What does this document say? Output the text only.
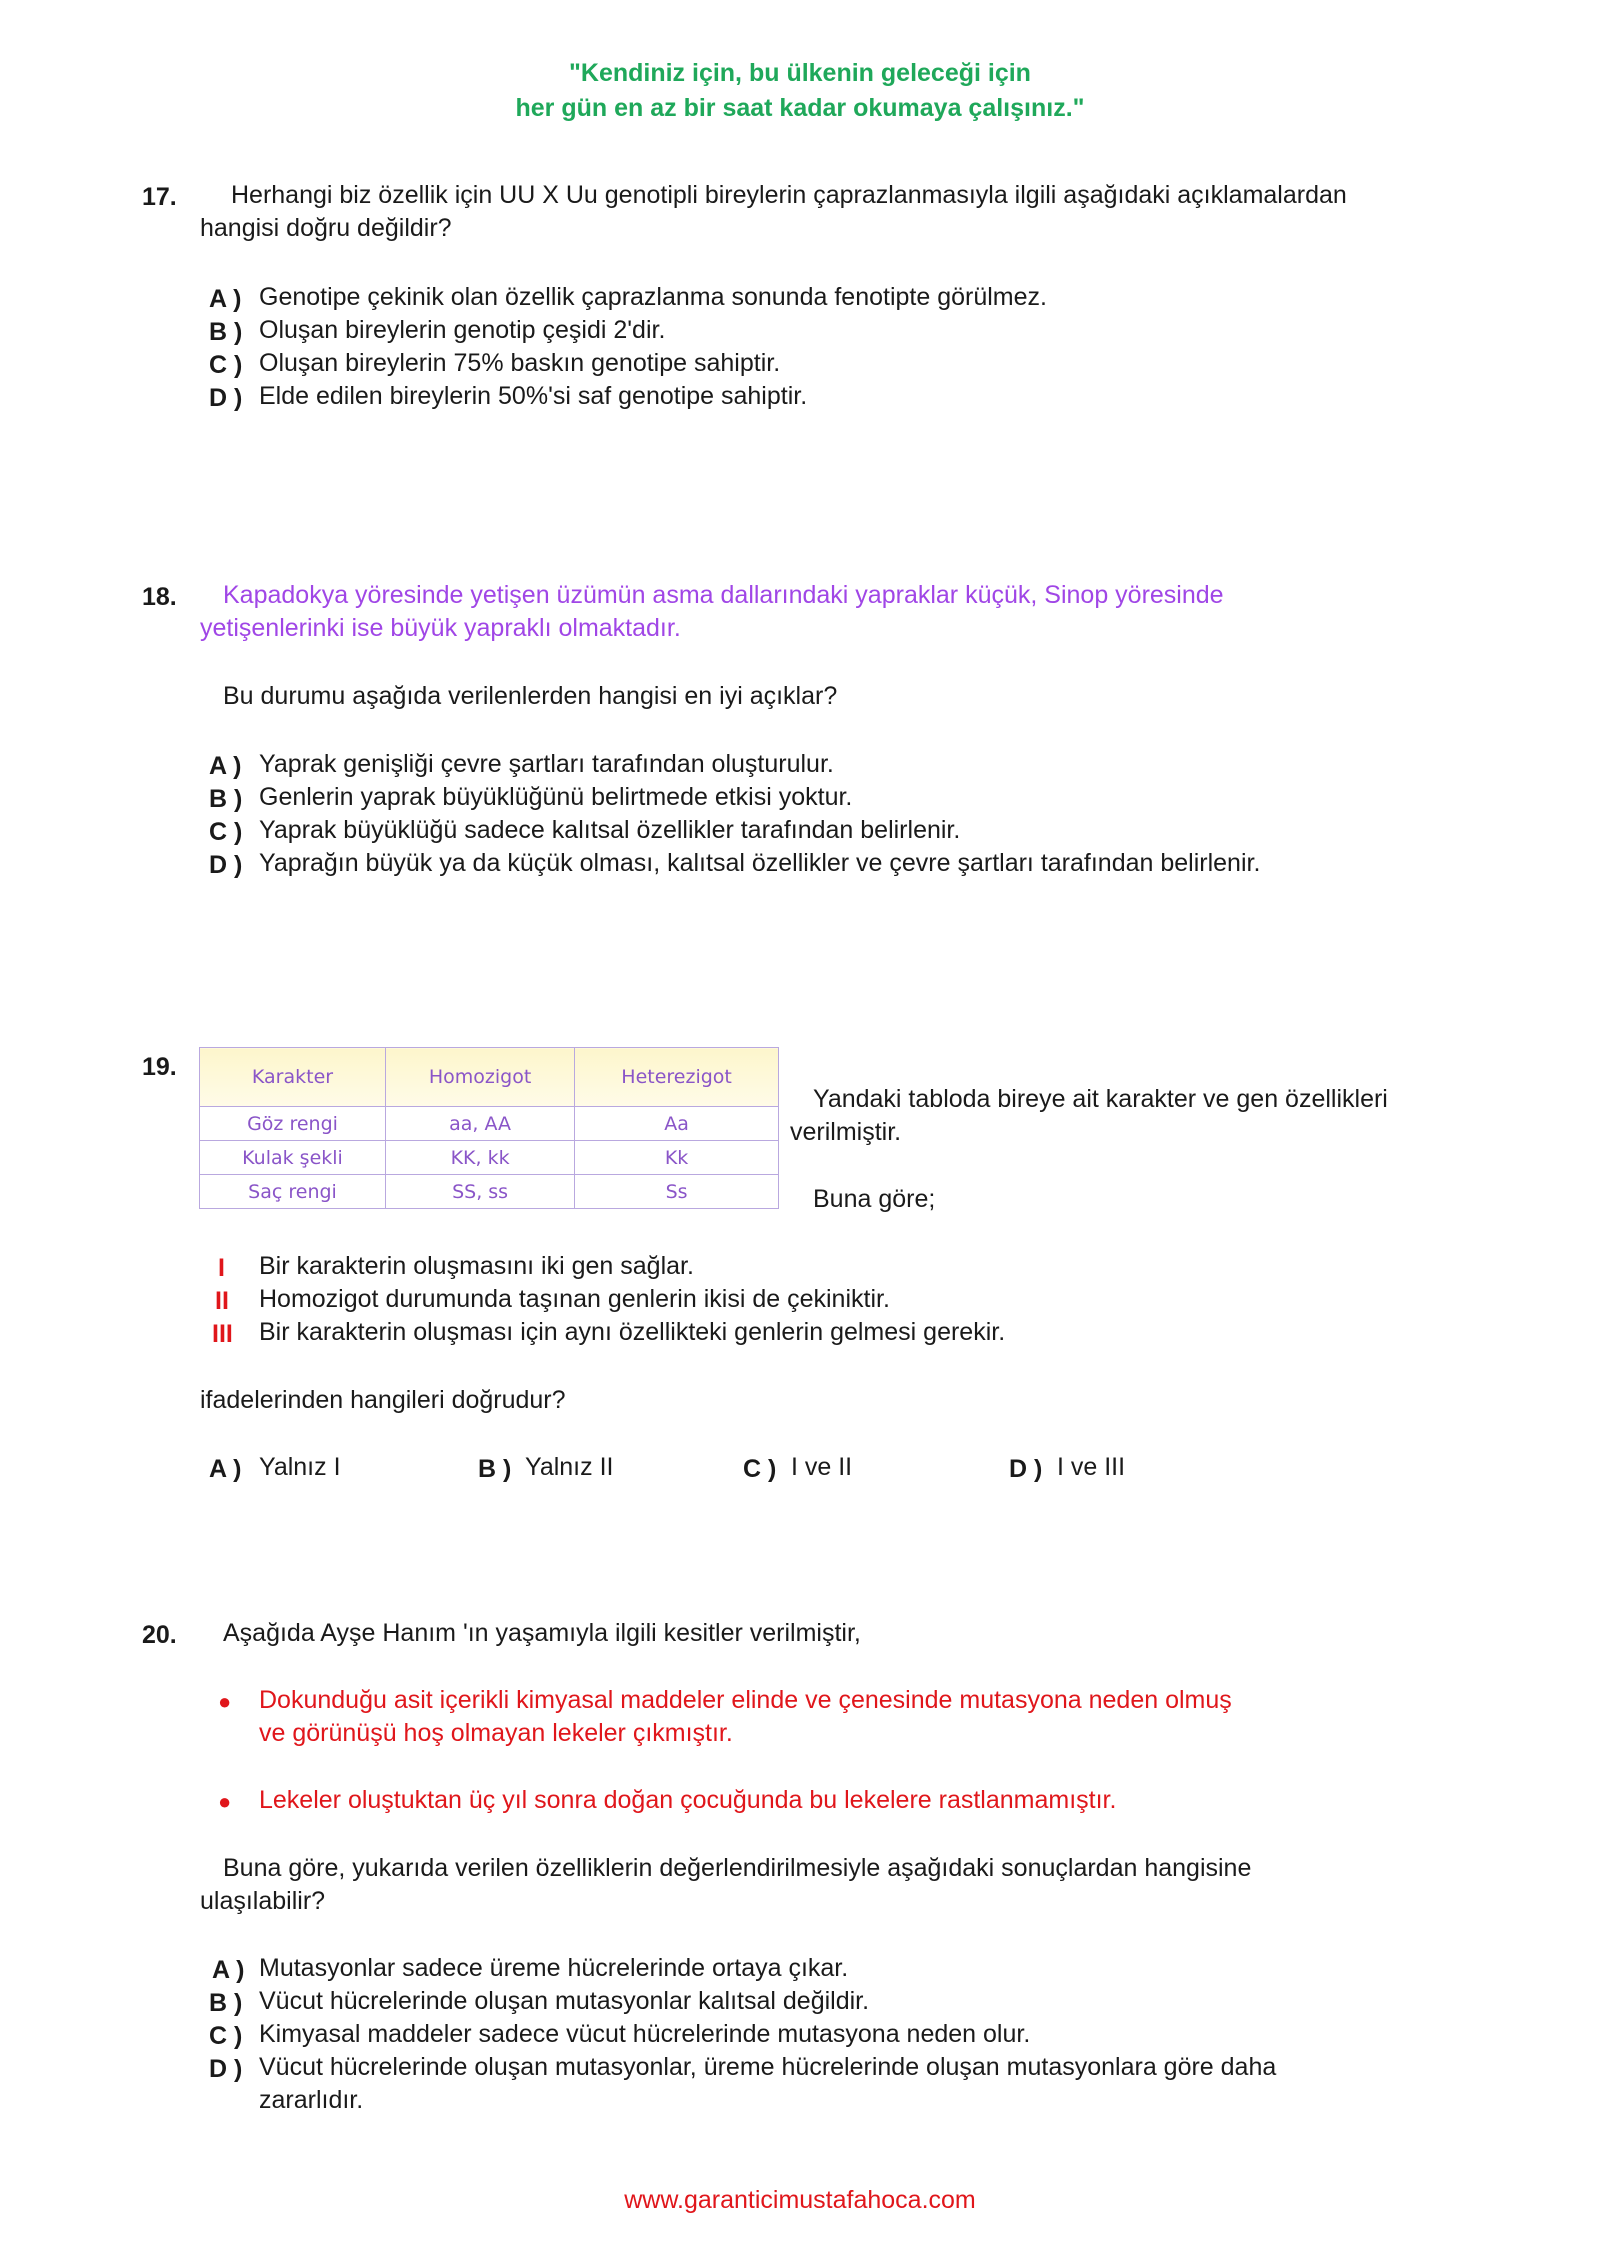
"Kendiniz için, bu ülkenin geleceği için
her gün en az bir saat kadar okumaya çalışınız."
17. Herhangi biz özellik için UU X Uu genotipli bireylerin çaprazlanmasıyla ilgili aşağıdaki açıklamalardan
hangisi doğru değildir?
A ) Genotipe çekinik olan özellik çaprazlanma sonunda fenotipte görülmez.
B ) Oluşan bireylerin genotip çeşidi 2'dir.
C ) Oluşan bireylerin 75% baskın genotipe sahiptir.
D ) Elde edilen bireylerin 50%'si saf genotipe sahiptir.
18. Kapadokya yöresinde yetişen üzümün asma dallarındaki yapraklar küçük, Sinop yöresinde
yetişenlerinki ise büyük yapraklı olmaktadır.
Bu durumu aşağıda verilenlerden hangisi en iyi açıklar?
A ) Yaprak genişliği çevre şartları tarafından oluşturulur.
B ) Genlerin yaprak büyüklüğünü belirtmede etkisi yoktur.
C ) Yaprak büyüklüğü sadece kalıtsal özellikler tarafından belirlenir.
D ) Yaprağın büyük ya da küçük olması, kalıtsal özellikler ve çevre şartları tarafından belirlenir.
19.	Karakter	Homozigot	Heterezigot
Göz rengi	aa, AA	Aa
Kulak şekli	KK, kk	Kk
Saç rengi	SS, ss	Ss
Yandaki tabloda bireye ait karakter ve gen özellikleri
verilmiştir.
Buna göre;
I Bir karakterin oluşmasını iki gen sağlar.
II Homozigot durumunda taşınan genlerin ikisi de çekiniktir.
III Bir karakterin oluşması için aynı özellikteki genlerin gelmesi gerekir.
ifadelerinden hangileri doğrudur?
A ) Yalnız I	B ) Yalnız II	C ) I ve II	D ) I ve III
20. Aşağıda Ayşe Hanım 'ın yaşamıyla ilgili kesitler verilmiştir,
● Dokunduğu asit içerikli kimyasal maddeler elinde ve çenesinde mutasyona neden olmuş
ve görünüşü hoş olmayan lekeler çıkmıştır.
● Lekeler oluştuktan üç yıl sonra doğan çocuğunda bu lekelere rastlanmamıştır.
Buna göre, yukarıda verilen özelliklerin değerlendirilmesiyle aşağıdaki sonuçlardan hangisine
ulaşılabilir?
A ) Mutasyonlar sadece üreme hücrelerinde ortaya çıkar.
B ) Vücut hücrelerinde oluşan mutasyonlar kalıtsal değildir.
C ) Kimyasal maddeler sadece vücut hücrelerinde mutasyona neden olur.
D ) Vücut hücrelerinde oluşan mutasyonlar, üreme hücrelerinde oluşan mutasyonlara göre daha
zararlıdır.
www.garanticimustafahoca.com
